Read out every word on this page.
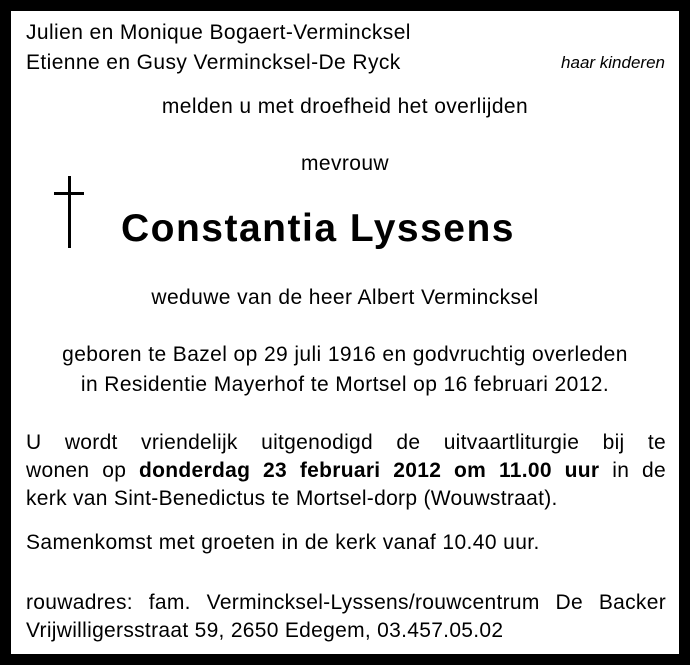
Julien en Monique Bogaert-Vermincksel
Etienne en Gusy Vermincksel-De Ryck	haar kinderen
melden u met droefheid het overlijden
mevrouw
Constantia Lyssens
weduwe van de heer Albert Vermincksel
geboren te Bazel op 29 juli 1916 en godvruchtig overleden
in Residentie Mayerhof te Mortsel op 16 februari 2012.
U wordt vriendelijk uitgenodigd de uitvaartliturgie bij te
wonen op donderdag 23 februari 2012 om 11.00 uur in de
kerk van Sint-Benedictus te Mortsel-dorp (Wouwstraat).
Samenkomst met groeten in de kerk vanaf 10.40 uur.
rouwadres: fam. Vermincksel-Lyssens/rouwcentrum De Backer
Vrijwilligersstraat 59, 2650 Edegem, 03.457.05.02
